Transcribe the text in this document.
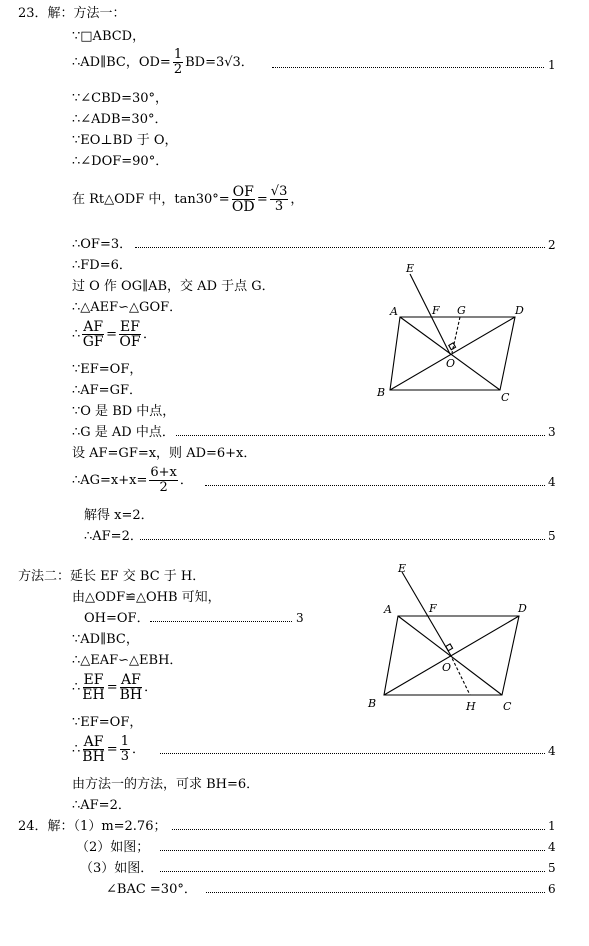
23．解：方法一：
∵□ABCD，
∴AD∥BC，$OD= \frac{1}{2} BD=3√3$．	1
∵∠CBD=30°，
∴∠ADB=30°．
∵EO⊥BD 于 O，
∴∠DOF=90°．
在 Rt△ODF 中，$\tan 30^\circ= \frac{OF}{OD} = \frac{√3}{3}$ ，
∴OF=3．	2
∴FD=6．
过 O 作 OG∥AB，交 AD 于点 G．
∴△AEF∽△GOF．
∴ $\frac{AF}{GF} = \frac{EF}{OF}$ ．
∵EF=OF，
∴AF=GF．
∵O 是 BD 中点，
∴G 是 AD 中点．	3
设 AF=GF=x，则 AD=6+x．
∴AG=x+x= $\frac{6+x}{2}$ ．	4
解得 x=2．
∴AF=2．	5
E
A	F G	D
O
B	C
方法二：延长 EF 交 BC 于 H．
由△ODF≌△OHB 可知，
OH=OF．	3
∵AD∥BC，
∴△EAF∽△EBH．
∴ $\frac{EF}{EH} = \frac{AF}{BH}$ ．
∵EF=OF，
∴ $\frac{AF}{BH} = \frac{1}{3}$ ．	4
由方法一的方法，可求 BH=6．
∴AF=2．
E
A	F	D
O
B	H C
24．解：（1）m=2.76；	1
（2）如图；	4
（3）如图．	5
∠BAC =30°．	6
